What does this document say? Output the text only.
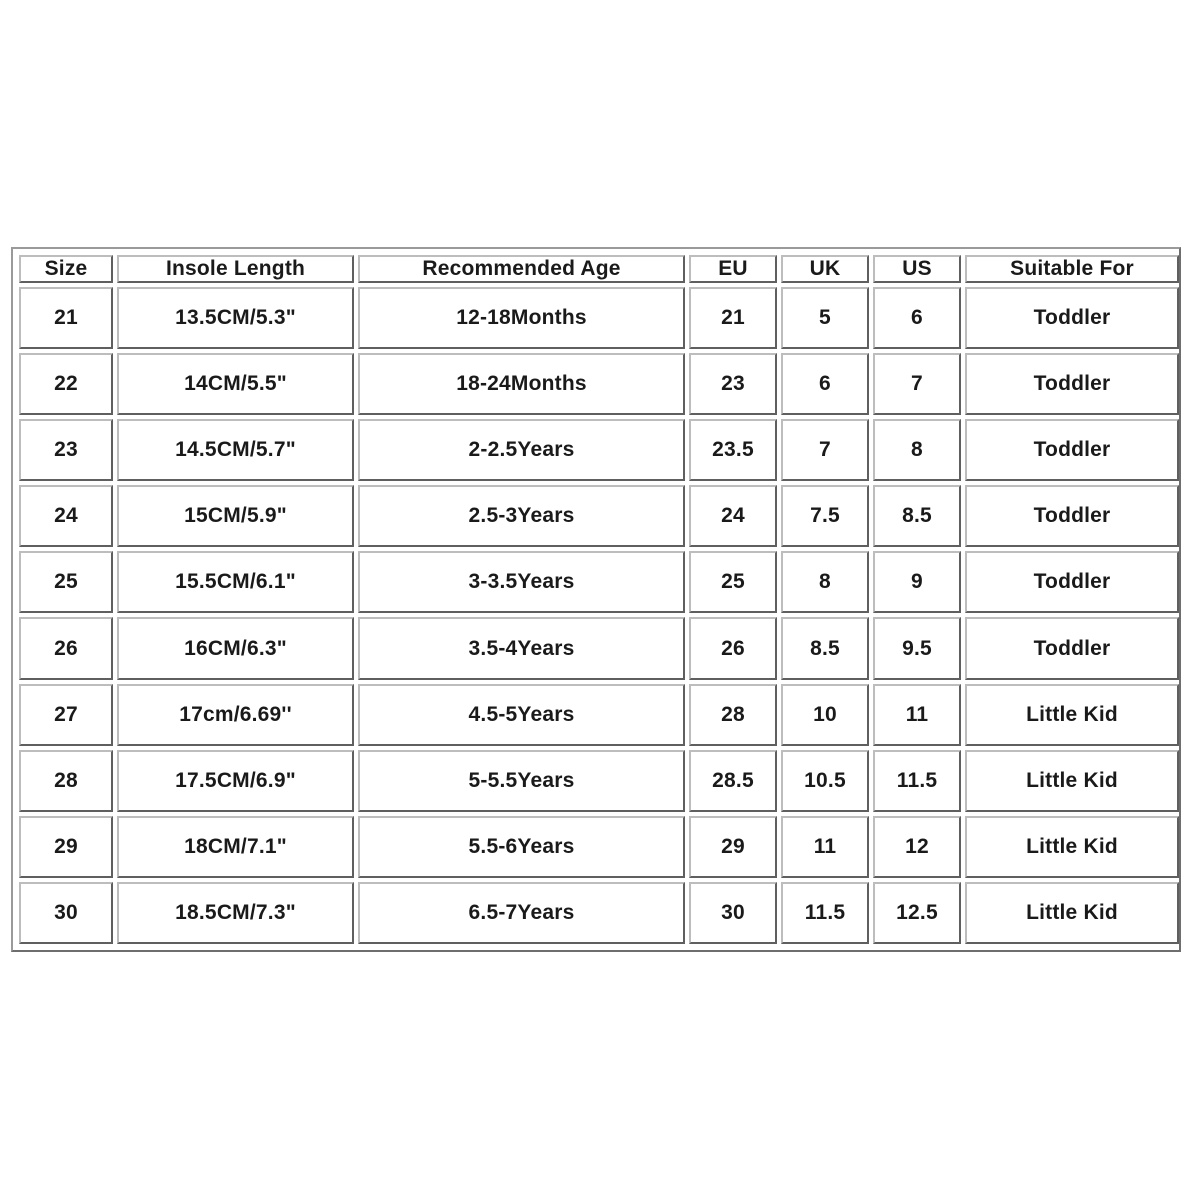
Size	Insole Length	Recommended Age	EU	UK	US	Suitable For
21	13.5CM/5.3"	12-18Months	21	5	6	Toddler
22	14CM/5.5"	18-24Months	23	6	7	Toddler
23	14.5CM/5.7"	2-2.5Years	23.5	7	8	Toddler
24	15CM/5.9"	2.5-3Years	24	7.5	8.5	Toddler
25	15.5CM/6.1"	3-3.5Years	25	8	9	Toddler
26	16CM/6.3"	3.5-4Years	26	8.5	9.5	Toddler
27	17cm/6.69''	4.5-5Years	28	10	11	Little Kid
28	17.5CM/6.9"	5-5.5Years	28.5	10.5	11.5	Little Kid
29	18CM/7.1"	5.5-6Years	29	11	12	Little Kid
30	18.5CM/7.3"	6.5-7Years	30	11.5	12.5	Little Kid
